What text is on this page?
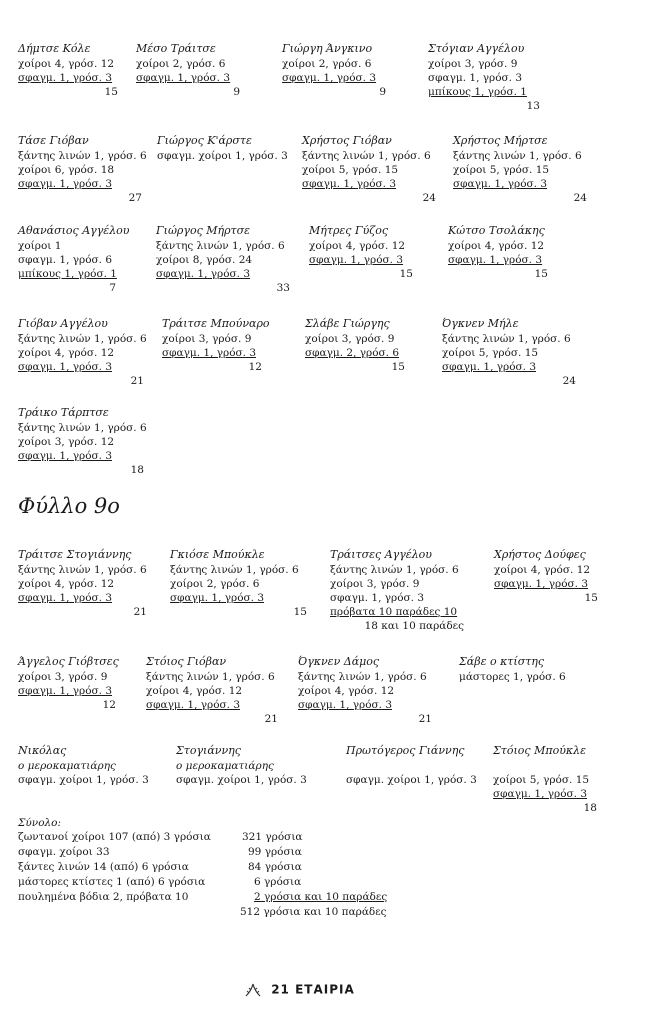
Δήμτσε Κόλε
χοίροι 4, γρόσ. 12
σφαγμ. 1, γρόσ. 3
15
Μέσο Τράιτσε
χοίροι 2, γρόσ. 6
σφαγμ. 1, γρόσ. 3
9
Γιώργη Άνγκινο
χοίροι 2, γρόσ. 6
σφαγμ. 1, γρόσ. 3
9
Στόγιαν Αγγέλου
χοίροι 3, γρόσ. 9
σφαγμ. 1, γρόσ. 3
μπίκους 1, γρόσ. 1
13
Τάσε Γιόβαν
ξάντης λινών 1, γρόσ. 6
χοίροι 6, γρόσ. 18
σφαγμ. 1, γρόσ. 3
27
Γιώργος Κ'άρστε
σφαγμ. χοίροι 1, γρόσ. 3
Χρήστος Γιόβαν
ξάντης λινών 1, γρόσ. 6
χοίροι 5, γρόσ. 15
σφαγμ. 1, γρόσ. 3
24
Χρήστος Μήρτσε
ξάντης λινών 1, γρόσ. 6
χοίροι 5, γρόσ. 15
σφαγμ. 1, γρόσ. 3
24
Αθανάσιος Αγγέλου
χοίροι 1
σφαγμ. 1, γρόσ. 6
μπίκους 1, γρόσ. 1
7
Γιώργος Μήρτσε
ξάντης λινών 1, γρόσ. 6
χοίροι 8, γρόσ. 24
σφαγμ. 1, γρόσ. 3
33
Μήτρες Γύζος
χοίροι 4, γρόσ. 12
σφαγμ. 1, γρόσ. 3
15
Κώτσο Τσολάκης
χοίροι 4, γρόσ. 12
σφαγμ. 1, γρόσ. 3
15
Γιόβαν Αγγέλου
ξάντης λινών 1, γρόσ. 6
χοίροι 4, γρόσ. 12
σφαγμ. 1, γρόσ. 3
21
Τράιτσε Μπούναρο
χοίροι 3, γρόσ. 9
σφαγμ. 1, γρόσ. 3
12
Σλάβε Γιώργης
χοίροι 3, γρόσ. 9
σφαγμ. 2, γρόσ. 6
15
Όγκνεν Μήλε
ξάντης λινών 1, γρόσ. 6
χοίροι 5, γρόσ. 15
σφαγμ. 1, γρόσ. 3
24
Τράικο Τάρπτσε
ξάντης λινών 1, γρόσ. 6
χοίροι 3, γρόσ. 12
σφαγμ. 1, γρόσ. 3
18
Φύλλο 9ο
Τράιτσε Στογιάννης
ξάντης λινών 1, γρόσ. 6
χοίροι 4, γρόσ. 12
σφαγμ. 1, γρόσ. 3
21
Γκιόσε Μπούκλε
ξάντης λινών 1, γρόσ. 6
χοίροι 2, γρόσ. 6
σφαγμ. 1, γρόσ. 3
15
Τράιτσες Αγγέλου
ξάντης λινών 1, γρόσ. 6
χοίροι 3, γρόσ. 9
σφαγμ. 1, γρόσ. 3
πρόβατα 10 παράδες 10
18 και 10 παράδες
Χρήστος Δούφες
χοίροι 4, γρόσ. 12
σφαγμ. 1, γρόσ. 3
15
Άγγελος Γιόβτσες
χοίροι 3, γρόσ. 9
σφαγμ. 1, γρόσ. 3
12
Στόιος Γιόβαν
ξάντης λινών 1, γρόσ. 6
χοίροι 4, γρόσ. 12
σφαγμ. 1, γρόσ. 3
21
Όγκνεν Δάμος
ξάντης λινών 1, γρόσ. 6
χοίροι 4, γρόσ. 12
σφαγμ. 1, γρόσ. 3
21
Σάβε ο κτίστης
μάστορες 1, γρόσ. 6
Νικόλας
ο μεροκαματιάρης
σφαγμ. χοίροι 1, γρόσ. 3
Στογιάννης
ο μεροκαματιάρης
σφαγμ. χοίροι 1, γρόσ. 3
Πρωτόγερος Γιάννης

σφαγμ. χοίροι 1, γρόσ. 3
Στόιος Μπούκλε

χοίροι 5, γρόσ. 15
σφαγμ. 1, γρόσ. 3
18
Σύνολο:
ζωντανοί χοίροι 107 (από) 3 γρόσια	321 γρόσια
σφαγμ. χοίροι 33	99 γρόσια
ξάντες λινών 14 (από) 6 γρόσια	84 γρόσια
μάστορες κτίστες 1 (από) 6 γρόσια	6 γρόσια
πουλημένα βόδια 2, πρόβατα 10	2 γρόσια και 10 παράδες
512 γρόσια και 10 παράδες
21 ΕΤΑΙΡΙΑ
